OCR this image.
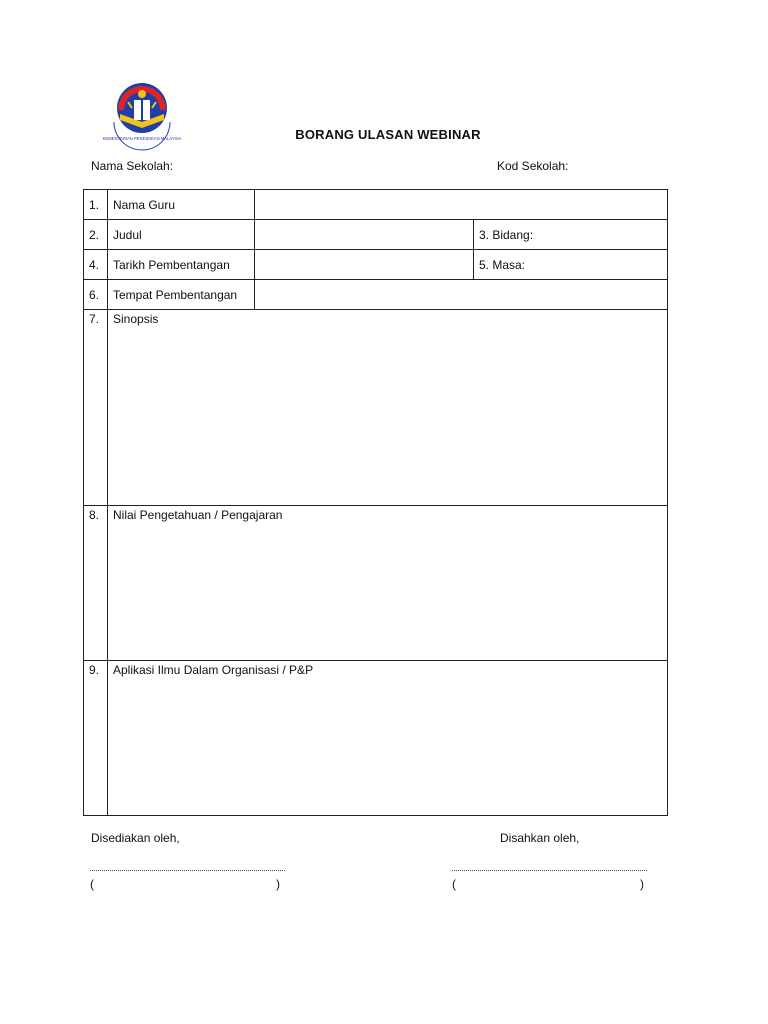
KEMENTERIAN PENDIDIKAN MALAYSIA	BORANG ULASAN WEBINAR
Nama Sekolah:	Kod Sekolah:
1.	Nama Guru		
2.	Judul		3. Bidang:
4.	Tarikh Pembentangan		5. Masa:
6.	Tempat Pembentangan		
7.	Sinopsis		
8.	Nilai Pengetahuan / Pengajaran		
9.	Aplikasi Ilmu Dalam Organisasi / P&P		
Disediakan oleh,	Disahkan oleh,
(	)	(	)
